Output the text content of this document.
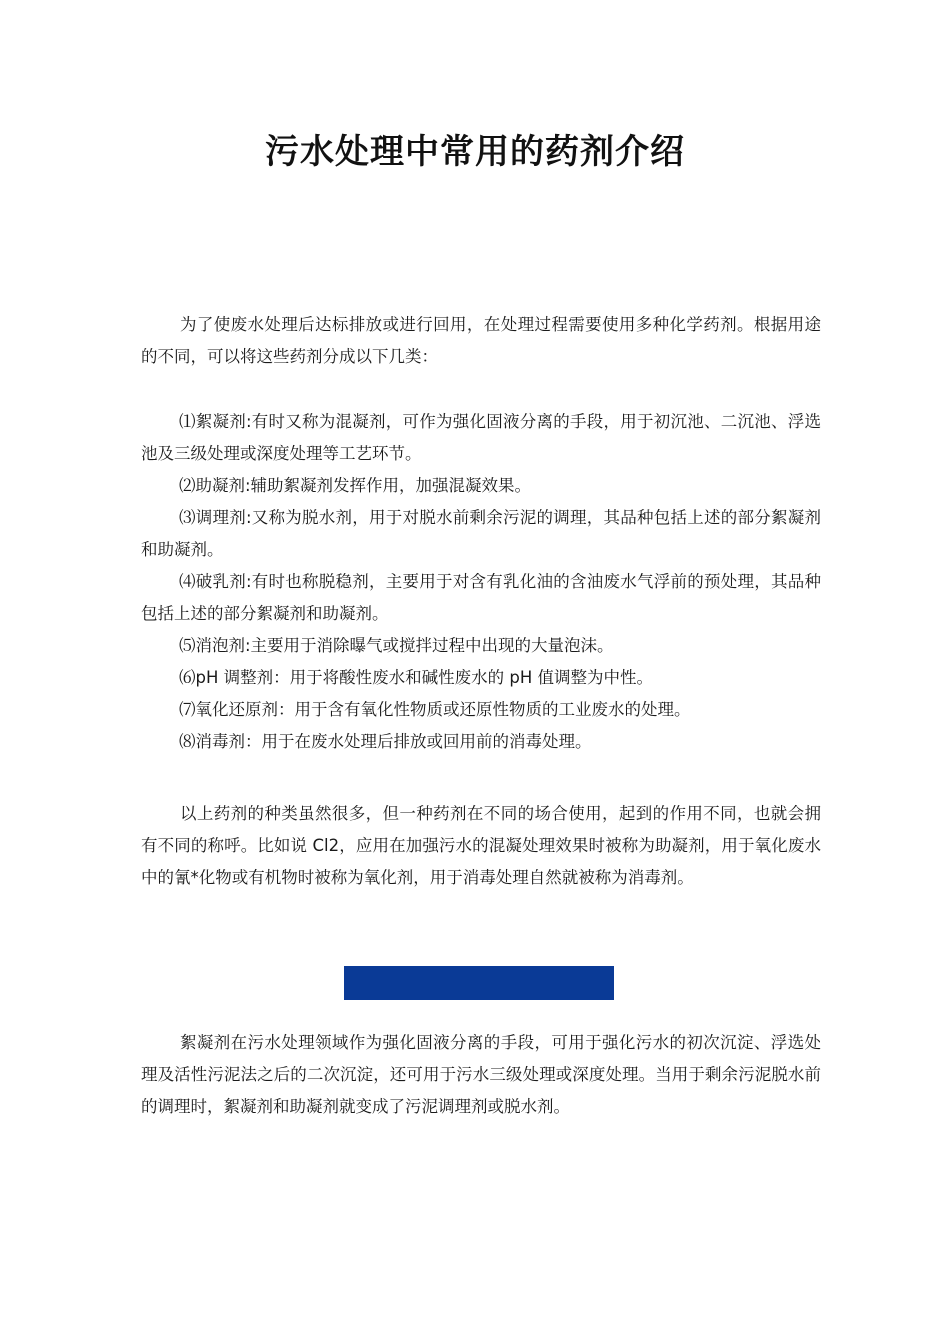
污水处理中常用的药剂介绍

为了使废水处理后达标排放或进行回用，在处理过程需要使用多种化学药剂。根据用途的不同，可以将这些药剂分成以下几类：

⑴絮凝剂:有时又称为混凝剂，可作为强化固液分离的手段，用于初沉池、二沉池、浮选池及三级处理或深度处理等工艺环节。

⑵助凝剂:辅助絮凝剂发挥作用，加强混凝效果。

⑶调理剂:又称为脱水剂，用于对脱水前剩余污泥的调理，其品种包括上述的部分絮凝剂和助凝剂。

⑷破乳剂:有时也称脱稳剂，主要用于对含有乳化油的含油废水气浮前的预处理，其品种包括上述的部分絮凝剂和助凝剂。

⑸消泡剂:主要用于消除曝气或搅拌过程中出现的大量泡沫。

⑹pH 调整剂：用于将酸性废水和碱性废水的 pH 值调整为中性。

⑺氧化还原剂：用于含有氧化性物质或还原性物质的工业废水的处理。

⑻消毒剂：用于在废水处理后排放或回用前的消毒处理。

以上药剂的种类虽然很多，但一种药剂在不同的场合使用，起到的作用不同，也就会拥有不同的称呼。比如说 Cl2，应用在加强污水的混凝处理效果时被称为助凝剂，用于氧化废水中的氰*化物或有机物时被称为氧化剂，用于消毒处理自然就被称为消毒剂。

絮凝剂在污水处理领域作为强化固液分离的手段，可用于强化污水的初次沉淀、浮选处理及活性污泥法之后的二次沉淀，还可用于污水三级处理或深度处理。当用于剩余污泥脱水前的调理时，絮凝剂和助凝剂就变成了污泥调理剂或脱水剂。
